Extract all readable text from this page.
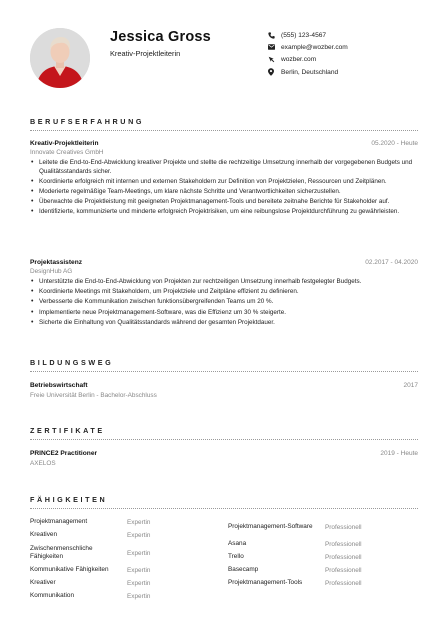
Jessica Gross
Kreativ-Projektleiterin
(555) 123-4567
example@wozber.com
wozber.com
Berlin, Deutschland
BERUFSERFAHRUNG
Kreativ-Projektleiterin	05.2020 - Heute
Innovate Creatives GmbH
• Leitete die End-to-End-Abwicklung kreativer Projekte und stellte die rechtzeitige Umsetzung innerhalb der vorgegebenen Budgets und Qualitätsstandards sicher.
• Koordinierte erfolgreich mit internen und externen Stakeholdern zur Definition von Projektzielen, Ressourcen und Zeitplänen.
• Moderierte regelmäßige Team-Meetings, um klare nächste Schritte und Verantwortlichkeiten sicherzustellen.
• Überwachte die Projektleistung mit geeigneten Projektmanagement-Tools und bereitete zeitnahe Berichte für Stakeholder auf.
• Identifizierte, kommunizierte und minderte erfolgreich Projektrisiken, um eine reibungslose Projektdurchführung zu gewährleisten.
Projektassistenz	02.2017 - 04.2020
DesignHub AG
• Unterstützte die End-to-End-Abwicklung von Projekten zur rechtzeitigen Umsetzung innerhalb festgelegter Budgets.
• Koordinierte Meetings mit Stakeholdern, um Projektziele und Zeitpläne effizient zu definieren.
• Verbesserte die Kommunikation zwischen funktionsübergreifenden Teams um 20 %.
• Implementierte neue Projektmanagement-Software, was die Effizienz um 30 % steigerte.
• Sicherte die Einhaltung von Qualitätsstandards während der gesamten Projektdauer.
BILDUNGSWEG
Betriebswirtschaft	2017
Freie Universität Berlin - Bachelor-Abschluss
ZERTIFIKATE
PRINCE2 Practitioner	2019 - Heute
AXELOS
FÄHIGKEITEN
Projektmanagement	Expertin
Kreativen	Expertin
Zwischenmenschliche Fähigkeiten	Expertin
Kommunikative Fähigkeiten	Expertin
Kreativer	Expertin
Kommunikation	Expertin
Projektmanagement-Software	Professionell
Asana	Professionell
Trello	Professionell
Basecamp	Professionell
Projektmanagement-Tools	Professionell
